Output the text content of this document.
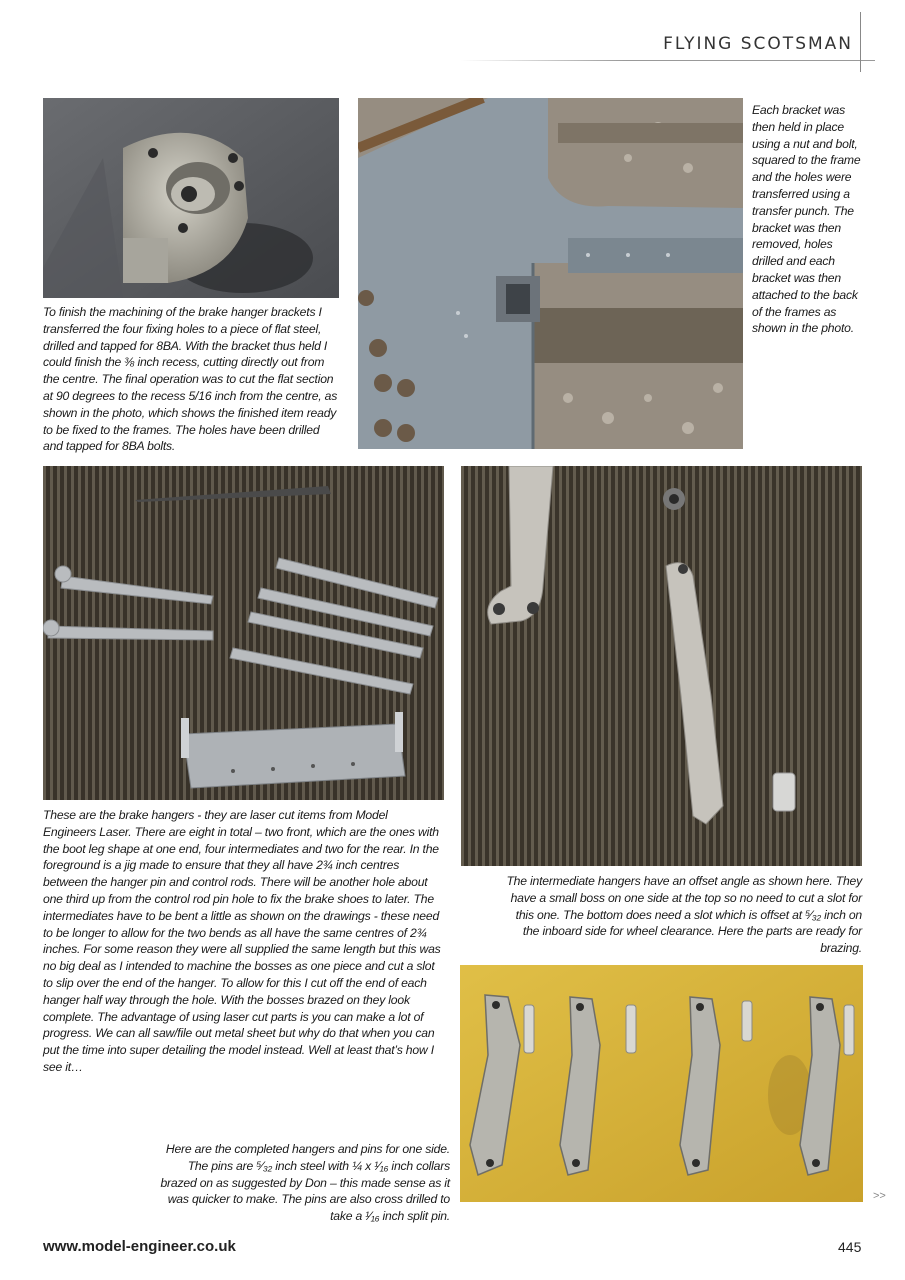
FLYING SCOTSMAN
To finish the machining of the brake hanger brackets I transferred the four fixing holes to a piece of flat steel, drilled and tapped for 8BA. With the bracket thus held I could finish the ⅜ inch recess, cutting directly out from the centre. The final operation was to cut the flat section at 90 degrees to the recess 5/16 inch from the centre, as shown in the photo, which shows the finished item ready to be fixed to the frames. The holes have been drilled and tapped for 8BA bolts.
Each bracket was then held in place using a nut and bolt, squared to the frame and the holes were transferred using a transfer punch. The bracket was then removed, holes drilled and each bracket was then attached to the back of the frames as shown in the photo.
These are the brake hangers - they are laser cut items from Model Engineers Laser. There are eight in total – two front, which are the ones with the boot leg shape at one end, four intermediates and two for the rear. In the foreground is a jig made to ensure that they all have 2¾ inch centres between the hanger pin and control rods. There will be another hole about one third up from the control rod pin hole to fix the brake shoes to later. The intermediates have to be bent a little as shown on the drawings - these need to be longer to allow for the two bends as all have the same centres of 2¾ inches. For some reason they were all supplied the same length but this was no big deal as I intended to machine the bosses as one piece and cut a slot to slip over the end of the hanger. To allow for this I cut off the end of each hanger half way through the hole. With the bosses brazed on they look complete. The advantage of using laser cut parts is you can make a lot of progress. We can all saw/file out metal sheet but why do that when you can put the time into super detailing the model instead. Well at least that’s how I see it…
The intermediate hangers have an offset angle as shown here. They have a small boss on one side at the top so no need to cut a slot for this one. The bottom does need a slot which is offset at ⁵⁄₃₂ inch on the inboard side for wheel clearance. Here the parts are ready for brazing.
Here are the completed hangers and pins for one side. The pins are ⁵⁄₃₂ inch steel with ¼ x ¹⁄₁₆ inch collars brazed on as suggested by Don – this made sense as it was quicker to make. The pins are also cross drilled to take a ¹⁄₁₆ inch split pin.
>>
www.model-engineer.co.uk	445
